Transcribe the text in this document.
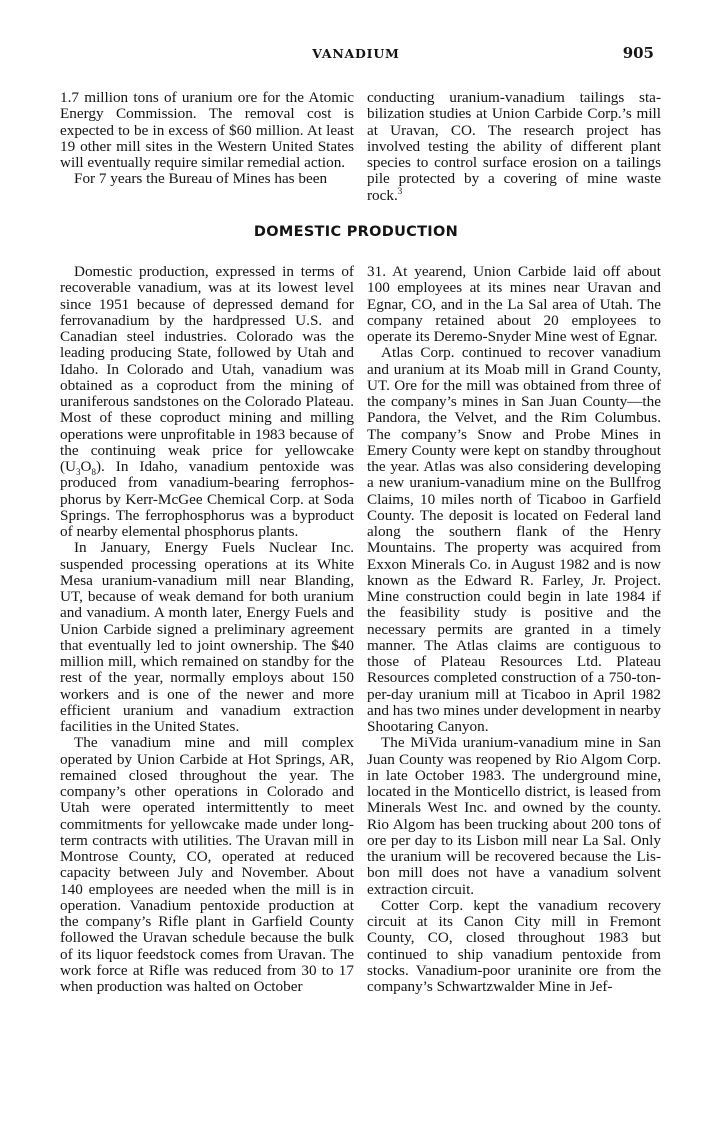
VANADIUM	905

1.7 million tons of uranium ore for the Atomic Energy Commission. The removal cost is expected to be in excess of $60 million. At least 19 other mill sites in the Western United States will eventually require similar remedial action.

For 7 years the Bureau of Mines has been

conducting uranium-vanadium tailings stabilization studies at Union Carbide Corp.’s mill at Uravan, CO. The research project has involved testing the ability of different plant species to control surface erosion on a tailings pile protected by a covering of mine waste rock.$^3$

DOMESTIC PRODUCTION

Domestic production, expressed in terms of recoverable vanadium, was at its lowest level since 1951 because of depressed demand for ferrovanadium by the hardpressed U.S. and Canadian steel industries. Colorado was the leading producing State, followed by Utah and Idaho. In Colorado and Utah, vanadium was obtained as a coproduct from the mining of uraniferous sandstones on the Colorado Plateau. Most of these coproduct mining and milling operations were unprofitable in 1983 because of the continuing weak price for yellowcake $(U_3O_8)$. In Idaho, vanadium pentoxide was produced from vanadium-bearing ferrophosphorus by Kerr-McGee Chemical Corp. at Soda Springs. The ferrophosphorus was a byproduct of nearby elemental phosphorus plants.

In January, Energy Fuels Nuclear Inc. suspended processing operations at its White Mesa uranium-vanadium mill near Blanding, UT, because of weak demand for both uranium and vanadium. A month later, Energy Fuels and Union Carbide signed a preliminary agreement that eventually led to joint ownership. The $40 million mill, which remained on standby for the rest of the year, normally employs about 150 workers and is one of the newer and more efficient uranium and vanadium extraction facilities in the United States.

The vanadium mine and mill complex operated by Union Carbide at Hot Springs, AR, remained closed throughout the year. The company’s other operations in Colorado and Utah were operated intermittently to meet commitments for yellowcake made under long-term contracts with utilities. The Uravan mill in Montrose County, CO, operated at reduced capacity between July and November. About 140 employees are needed when the mill is in operation. Vanadium pentoxide production at the company’s Rifle plant in Garfield County followed the Uravan schedule because the bulk of its liquor feedstock comes from Uravan. The work force at Rifle was reduced from 30 to 17 when production was halted on October

31. At yearend, Union Carbide laid off about 100 employees at its mines near Uravan and Egnar, CO, and in the La Sal area of Utah. The company retained about 20 employees to operate its Deremo-Snyder Mine west of Egnar.

Atlas Corp. continued to recover vanadium and uranium at its Moab mill in Grand County, UT. Ore for the mill was obtained from three of the company’s mines in San Juan County—the Pandora, the Velvet, and the Rim Columbus. The company’s Snow and Probe Mines in Emery County were kept on standby throughout the year. Atlas was also considering developing a new uranium-vanadium mine on the Bullfrog Claims, 10 miles north of Ticaboo in Garfield County. The deposit is located on Federal land along the southern flank of the Henry Mountains. The property was acquired from Exxon Minerals Co. in August 1982 and is now known as the Edward R. Farley, Jr. Project. Mine construction could begin in late 1984 if the feasibility study is positive and the necessary permits are granted in a timely manner. The Atlas claims are contiguous to those of Plateau Resources Ltd. Plateau Resources completed construction of a 750-ton-per-day uranium mill at Ticaboo in April 1982 and has two mines under development in nearby Shootaring Canyon.

The MiVida uranium-vanadium mine in San Juan County was reopened by Rio Algom Corp. in late October 1983. The underground mine, located in the Monticello district, is leased from Minerals West Inc. and owned by the county. Rio Algom has been trucking about 200 tons of ore per day to its Lisbon mill near La Sal. Only the uranium will be recovered because the Lisbon mill does not have a vanadium solvent extraction circuit.

Cotter Corp. kept the vanadium recovery circuit at its Canon City mill in Fremont County, CO, closed throughout 1983 but continued to ship vanadium pentoxide from stocks. Vanadium-poor uraninite ore from the company’s Schwartzwalder Mine in Jef-
